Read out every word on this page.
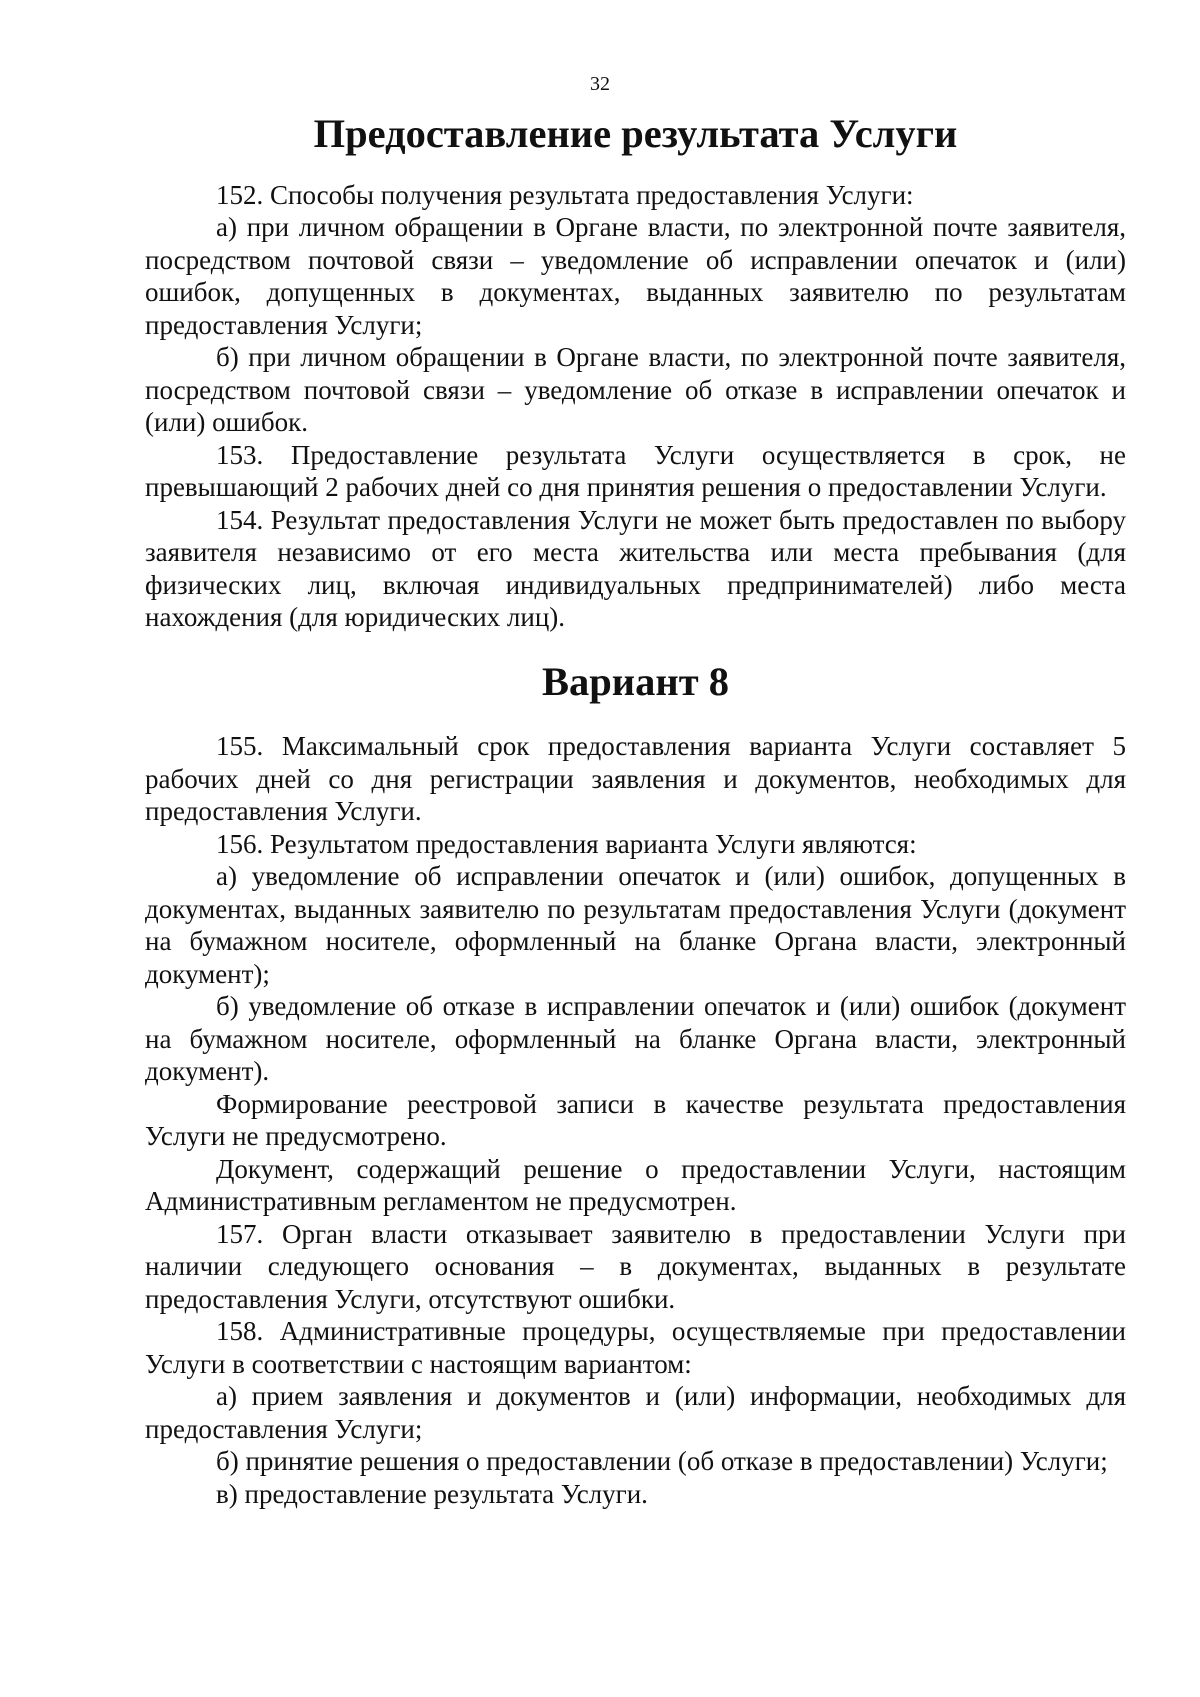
32
Предоставление результата Услуги

152. Способы получения результата предоставления Услуги:

а) при личном обращении в Органе власти, по электронной почте заявителя, посредством почтовой связи – уведомление об исправлении опечаток и (или) ошибок, допущенных в документах, выданных заявителю по результатам предоставления Услуги;

б) при личном обращении в Органе власти, по электронной почте заявителя, посредством почтовой связи – уведомление об отказе в исправлении опечаток и (или) ошибок.

153. Предоставление результата Услуги осуществляется в срок, не превышающий 2 рабочих дней со дня принятия решения о предоставлении Услуги.

154. Результат предоставления Услуги не может быть предоставлен по выбору заявителя независимо от его места жительства или места пребывания (для физических лиц, включая индивидуальных предпринимателей) либо места нахождения (для юридических лиц).

Вариант 8

155. Максимальный срок предоставления варианта Услуги составляет 5 рабочих дней со дня регистрации заявления и документов, необходимых для предоставления Услуги.

156. Результатом предоставления варианта Услуги являются:

а) уведомление об исправлении опечаток и (или) ошибок, допущенных в документах, выданных заявителю по результатам предоставления Услуги (документ на бумажном носителе, оформленный на бланке Органа власти, электронный документ);

б) уведомление об отказе в исправлении опечаток и (или) ошибок (документ на бумажном носителе, оформленный на бланке Органа власти, электронный документ).

Формирование реестровой записи в качестве результата предоставления Услуги не предусмотрено.

Документ, содержащий решение о предоставлении Услуги, настоящим Административным регламентом не предусмотрен.

157. Орган власти отказывает заявителю в предоставлении Услуги при наличии следующего основания – в документах, выданных в результате предоставления Услуги, отсутствуют ошибки.

158. Административные процедуры, осуществляемые при предоставлении Услуги в соответствии с настоящим вариантом:

а) прием заявления и документов и (или) информации, необходимых для предоставления Услуги;

б) принятие решения о предоставлении (об отказе в предоставлении) Услуги;

в) предоставление результата Услуги.
